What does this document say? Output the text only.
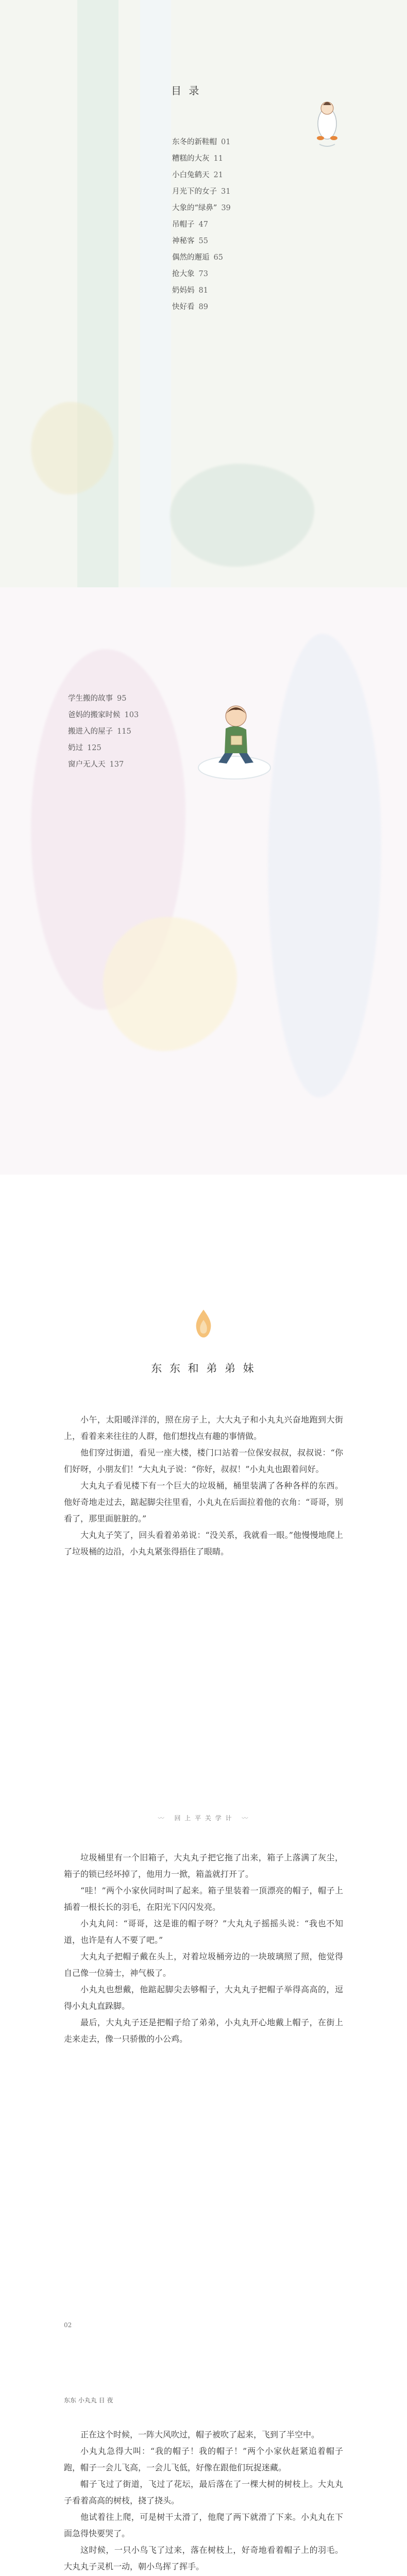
目 录
东冬的新鞋帽 01
糟糕的大灰 11
小白兔鹤天 21
月光下的女子 31
大象的“绿鼻” 39
吊帽子 47
神秘客 55
偶然的邂逅 65
抢大象 73
奶妈妈 81
快好看 89
学生搬的故事 95
爸妈的搬家时候 103
搬进入的屋子 115
奶过 125
窗户无人天 137
东 东 和 弟 弟 妹

小午，太阳暖洋洋的，照在房子上，大大丸子和小丸丸兴奋地跑到大街上，看着来来往往的人群，他们想找点有趣的事情做。

他们穿过街道，看见一座大楼，楼门口站着一位保安叔叔，叔叔说：“你们好呀，小朋友们！”大丸丸子说：“你好，叔叔！”小丸丸也跟着问好。

大丸丸子看见楼下有一个巨大的垃圾桶，桶里装满了各种各样的东西。他好奇地走过去，踮起脚尖往里看，小丸丸在后面拉着他的衣角：“哥哥，别看了，那里面脏脏的。”

大丸丸子笑了，回头看着弟弟说：“没关系，我就看一眼。”他慢慢地爬上了垃圾桶的边沿，小丸丸紧张得捂住了眼睛。

〰 回 上 平 关 学 计 〰

垃圾桶里有一个旧箱子，大丸丸子把它拖了出来，箱子上落满了灰尘，箱子的锁已经坏掉了，他用力一掀，箱盖就打开了。

“哇！”两个小家伙同时叫了起来。箱子里装着一顶漂亮的帽子，帽子上插着一根长长的羽毛，在阳光下闪闪发亮。

小丸丸问：“哥哥，这是谁的帽子呀？”大丸丸子摇摇头说：“我也不知道，也许是有人不要了吧。”

大丸丸子把帽子戴在头上，对着垃圾桶旁边的一块玻璃照了照，他觉得自己像一位骑士，神气极了。

小丸丸也想戴，他踮起脚尖去够帽子，大丸丸子把帽子举得高高的，逗得小丸丸直跺脚。

最后，大丸丸子还是把帽子给了弟弟，小丸丸开心地戴上帽子，在街上走来走去，像一只骄傲的小公鸡。

02
东东 小丸丸 日 夜

正在这个时候，一阵大风吹过，帽子被吹了起来，飞到了半空中。

小丸丸急得大叫：“我的帽子！我的帽子！”两个小家伙赶紧追着帽子跑，帽子一会儿飞高，一会儿飞低，好像在跟他们玩捉迷藏。

帽子飞过了街道，飞过了花坛，最后落在了一棵大树的树枝上。大丸丸子看着高高的树枝，挠了挠头。

他试着往上爬，可是树干太滑了，他爬了两下就滑了下来。小丸丸在下面急得快要哭了。

这时候，一只小鸟飞了过来，落在树枝上，好奇地看着帽子上的羽毛。大丸丸子灵机一动，朝小鸟挥了挥手。
